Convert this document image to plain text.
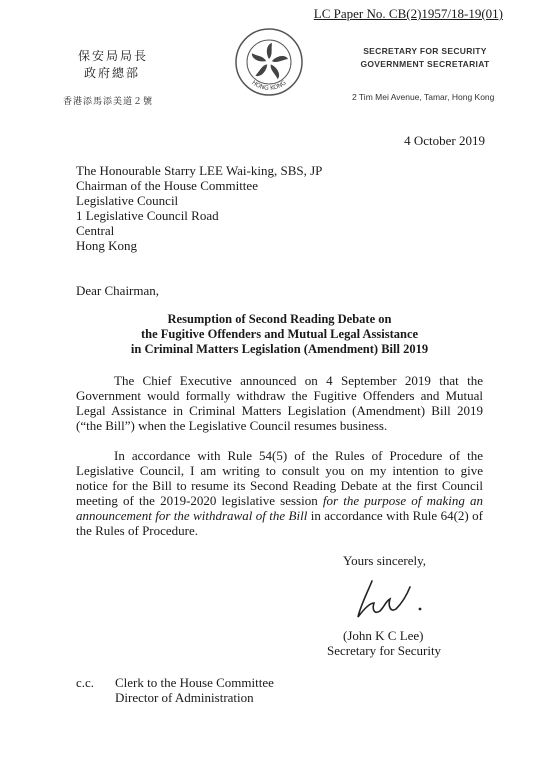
LC Paper No. CB(2)1957/18-19(01)
保安局局長
政府總部
香港添馬添美道２號
HONG KONG
SECRETARY FOR SECURITY
GOVERNMENT SECRETARIAT
2 Tim Mei Avenue, Tamar, Hong Kong
4 October 2019
The Honourable Starry LEE Wai-king, SBS, JP
Chairman of the House Committee
Legislative Council
1 Legislative Council Road
Central
Hong Kong
Dear Chairman,
Resumption of Second Reading Debate on
the Fugitive Offenders and Mutual Legal Assistance
in Criminal Matters Legislation (Amendment) Bill 2019
The Chief Executive announced on 4 September 2019 that the Government would formally withdraw the Fugitive Offenders and Mutual Legal Assistance in Criminal Matters Legislation (Amendment) Bill 2019 (“the Bill”) when the Legislative Council resumes business.
In accordance with Rule 54(5) of the Rules of Procedure of the Legislative Council, I am writing to consult you on my intention to give notice for the Bill to resume its Second Reading Debate at the first Council meeting of the 2019-2020 legislative session for the purpose of making an announcement for the withdrawal of the Bill in accordance with Rule 64(2) of the Rules of Procedure.
Yours sincerely,
(John K C Lee)
Secretary for Security
c.c. Clerk to the House Committee
Director of Administration
